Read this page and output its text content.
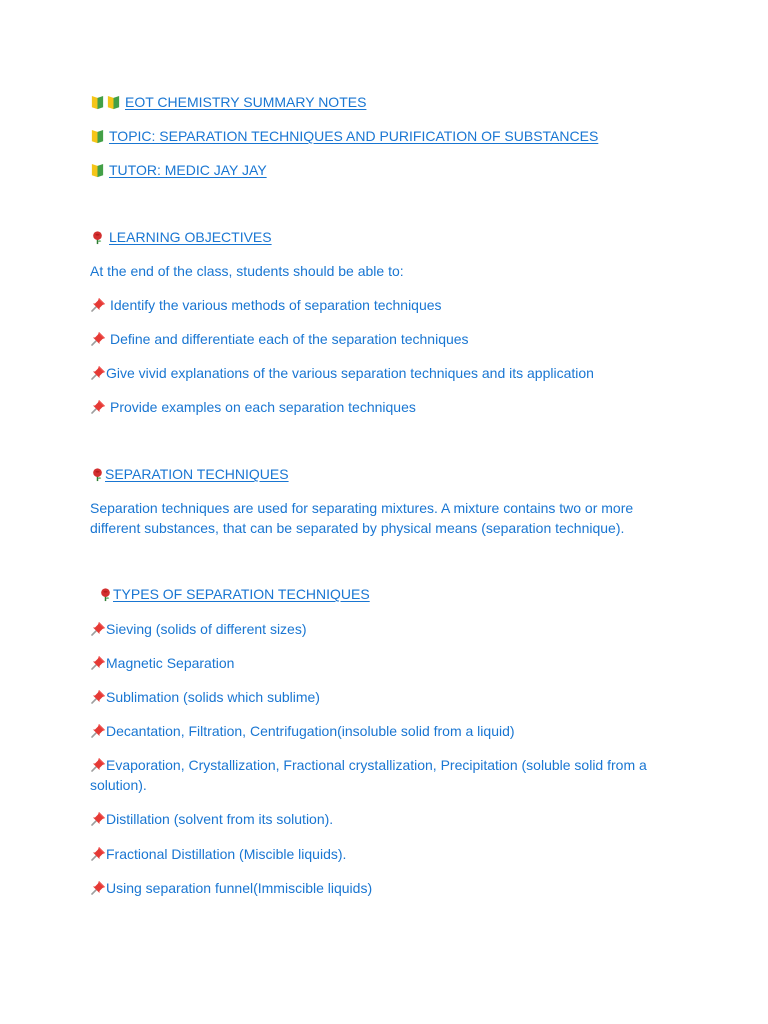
EOT CHEMISTRY SUMMARY NOTES
TOPIC: SEPARATION TECHNIQUES AND PURIFICATION OF SUBSTANCES
TUTOR: MEDIC JAY JAY
LEARNING OBJECTIVES
At the end of the class, students should be able to:
Identify the various methods of separation techniques
Define and differentiate each of the separation techniques
Give vivid explanations of the various separation techniques and its application
Provide examples on each separation techniques
SEPARATION TECHNIQUES
Separation techniques are used for separating mixtures. A mixture contains two or more different substances, that can be separated by physical means (separation technique).
TYPES OF SEPARATION TECHNIQUES
Sieving (solids of different sizes)
Magnetic Separation
Sublimation (solids which sublime)
Decantation, Filtration, Centrifugation(insoluble solid from a liquid)
Evaporation, Crystallization, Fractional crystallization, Precipitation (soluble solid from a solution).
Distillation (solvent from its solution).
Fractional Distillation (Miscible liquids).
Using separation funnel(Immiscible liquids)
